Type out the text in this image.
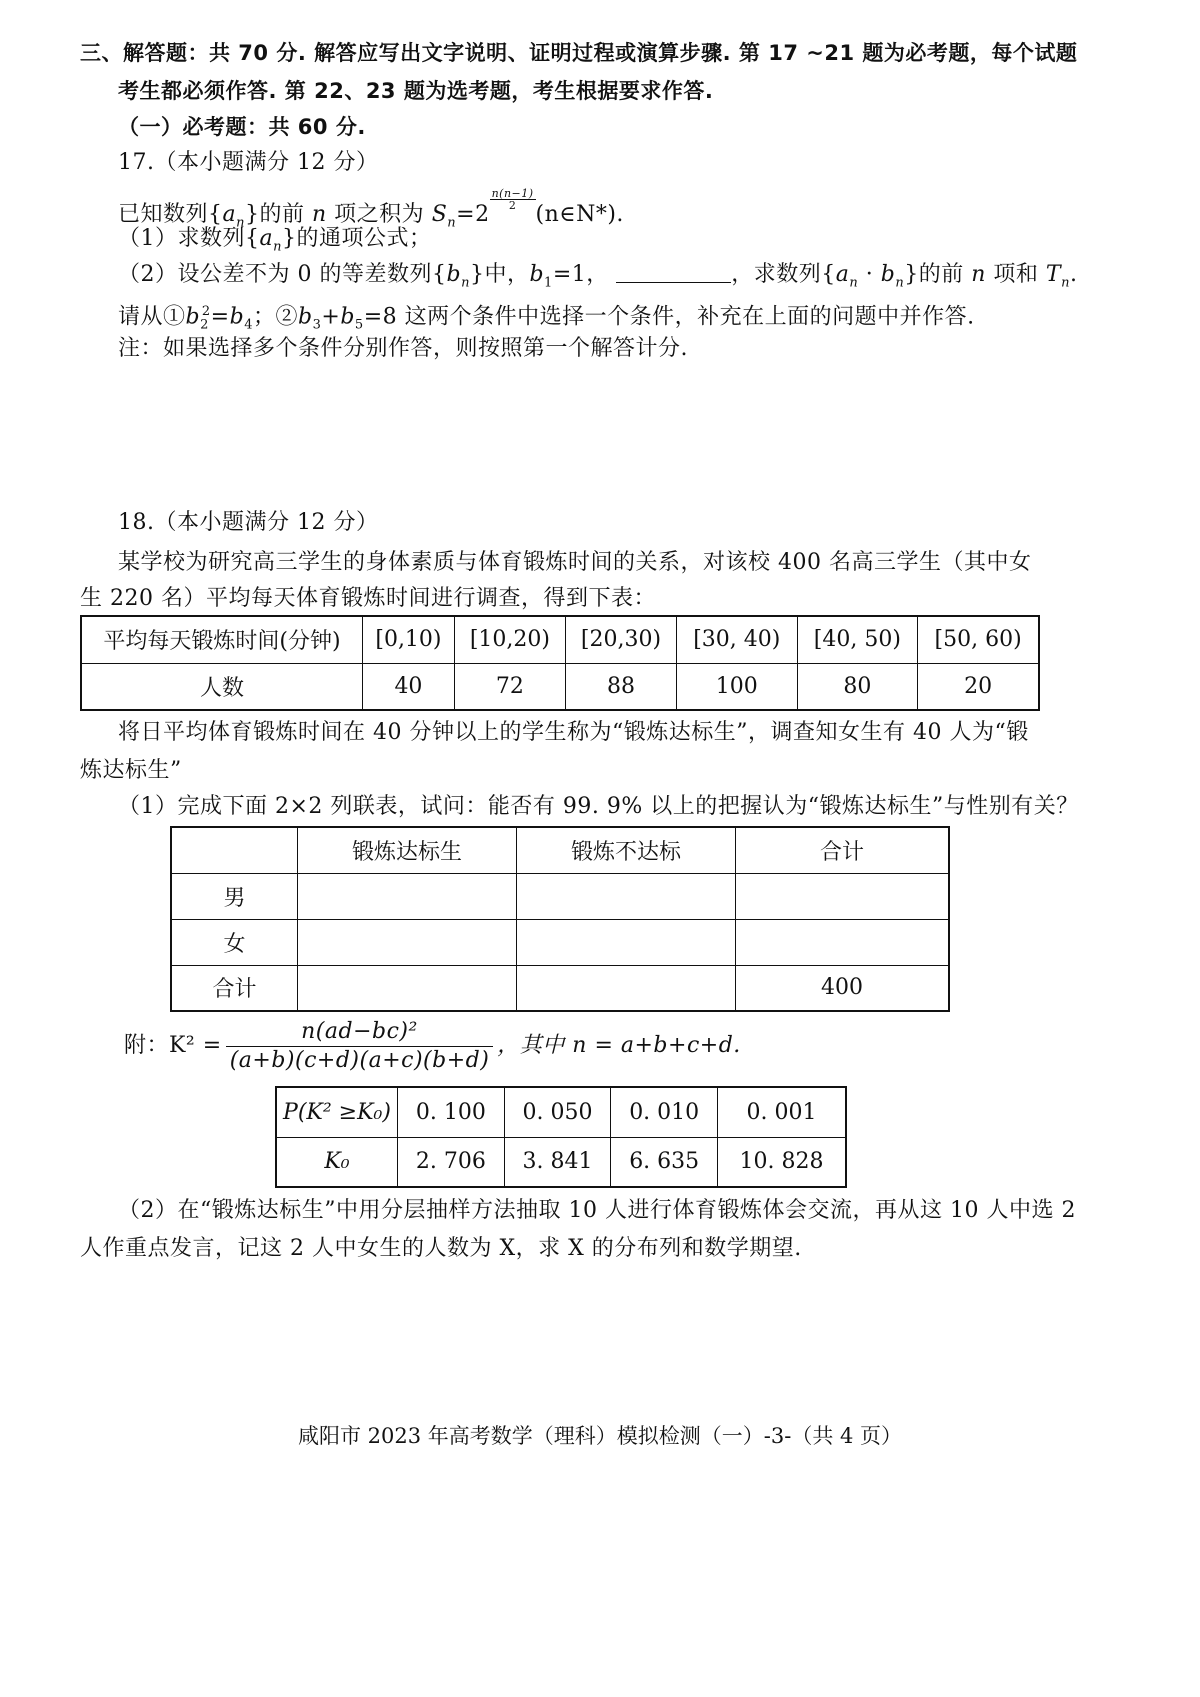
三、解答题：共 70 分. 解答应写出文字说明、证明过程或演算步骤. 第 17 ~21 题为必考题，每个试题
考生都必须作答. 第 22、23 题为选考题，考生根据要求作答.
（一）必考题：共 60 分.
17.（本小题满分 12 分）
已知数列$\{a_n\}$的前 n 项之积为 $S_n=2$
$\frac{n(n-1)}{2}$
(n∈N*).
（1）求数列$\{a_n\}$的通项公式；
（2）设公差不为 0 的等差数列$\{b_n\}$中，$b_1=1$，	，求数列$\{a_n \cdot b_n\}$的前 n 项和 $T_n$.
请从$①b_2^2=b_4$；$②b_3+b_5=8$ 这两个条件中选择一个条件，补充在上面的问题中并作答.
注：如果选择多个条件分别作答，则按照第一个解答计分.
18.（本小题满分 12 分）
某学校为研究高三学生的身体素质与体育锻炼时间的关系，对该校 400 名高三学生（其中女
生 220 名）平均每天体育锻炼时间进行调查，得到下表：
平均每天锻炼时间(分钟)	[0,10)	[10,20)	[20,30)	[30, 40)	[40, 50)	[50, 60)
人数	40	72	88	100	80	20
将日平均体育锻炼时间在 40 分钟以上的学生称为“锻炼达标生”，调查知女生有 40 人为“锻
炼达标生”
（1）完成下面 2×2 列联表，试问：能否有 99. 9% 以上的把握认为“锻炼达标生”与性别有关？
	锻炼达标生	锻炼不达标	合计
男			
女			
合计			400
附：$K^2 = \frac{\text{n(ad−bc)²}}{(a+b)(c+d)(a+c)(b+d)}$ ，其中 n = a+b+c+d.
P(K² ≥K₀)	0. 100	0. 050	0. 010	0. 001
K₀	2. 706	3. 841	6. 635	10. 828
（2）在“锻炼达标生”中用分层抽样方法抽取 10 人进行体育锻炼体会交流，再从这 10 人中选 2
人作重点发言，记这 2 人中女生的人数为 X，求 X 的分布列和数学期望.
咸阳市 2023 年高考数学（理科）模拟检测（一）-3-（共 4 页）
